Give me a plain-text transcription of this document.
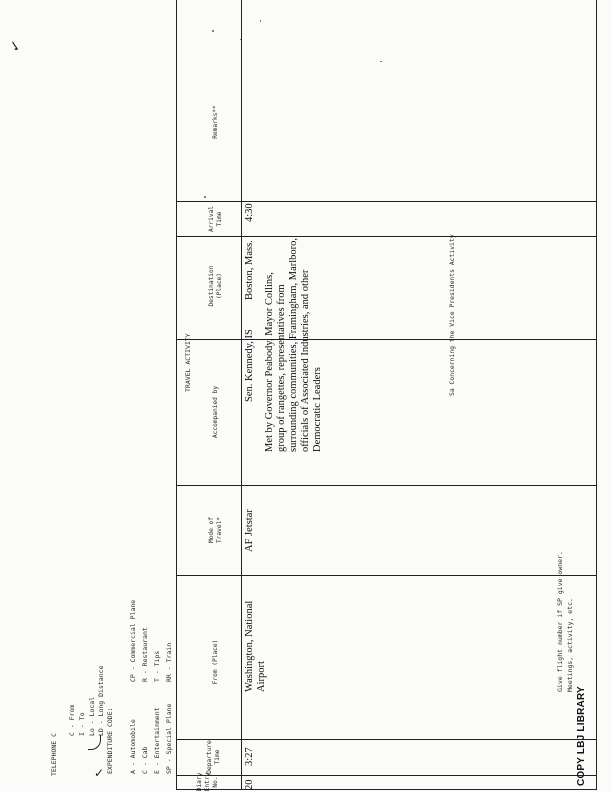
✓
✓
Sa Concerning the Vice Presidents Activity
TELEPHONE C
C - From I - To Lo - Local LD - Long Distance
EXPENDITURE CODE: A - Automobile C - Cab E - Entertainment SP - Special Plane
CP - Commercial Plane R - Restaurant T - Tips RR - Train
TRAVEL ACTIVITY
Diary
Entry
No.
Departure
Time
From (Place)
Mode of
Travel*
Accompanied by
Destination
(Place)
Arrival
Time
Remarks**
20
3:27
Washington, National Airport
AF Jetstar
Sen. Kennedy, IS
Boston, Mass.
4:30
Met by Governor Peabody, Mayor Collins, group of rangettes, representatives from surrounding communities, Framingham, Marlboro, officials of Associated Industries, and other Democratic Leaders
Give flight number if SP give owner. Meetings, activity, etc.
COPY LBJ LIBRARY
